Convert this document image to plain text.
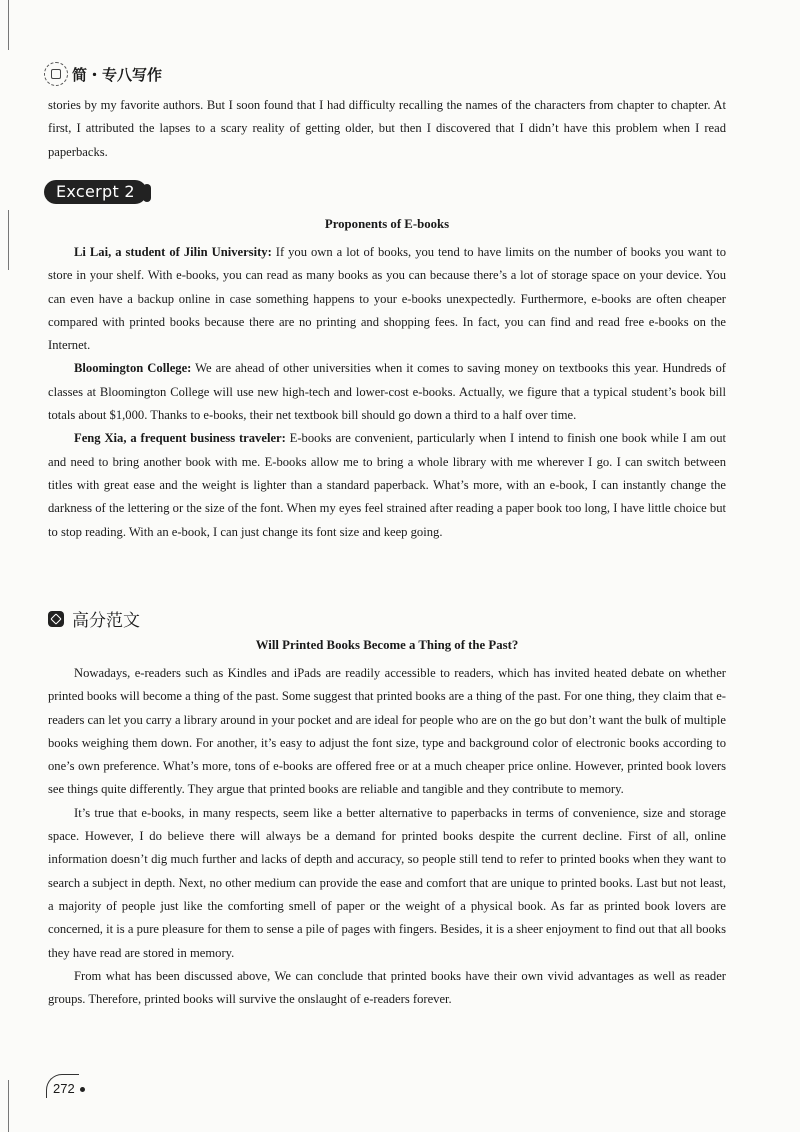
简・专八写作

stories by my favorite authors. But I soon found that I had difficulty recalling the names of the characters from chapter to chapter. At first, I attributed the lapses to a scary reality of getting older, but then I discovered that I didn’t have this problem when I read paperbacks.

Excerpt 2
Proponents of E-books

Li Lai, a student of Jilin University: If you own a lot of books, you tend to have limits on the number of books you want to store in your shelf. With e-books, you can read as many books as you can because there’s a lot of storage space on your device. You can even have a backup online in case something happens to your e-books unexpectedly. Furthermore, e-books are often cheaper compared with printed books because there are no printing and shopping fees. In fact, you can find and read free e-books on the Internet.

Bloomington College: We are ahead of other universities when it comes to saving money on textbooks this year. Hundreds of classes at Bloomington College will use new high-tech and lower-cost e-books. Actually, we figure that a typical student’s book bill totals about $1,000. Thanks to e-books, their net textbook bill should go down a third to a half over time.

Feng Xia, a frequent business traveler: E-books are convenient, particularly when I intend to finish one book while I am out and need to bring another book with me. E-books allow me to bring a whole library with me wherever I go. I can switch between titles with great ease and the weight is lighter than a standard paperback. What’s more, with an e-book, I can instantly change the darkness of the lettering or the size of the font. When my eyes feel strained after reading a paper book too long, I have little choice but to stop reading. With an e-book, I can just change its font size and keep going.

高分范文
Will Printed Books Become a Thing of the Past?

Nowadays, e-readers such as Kindles and iPads are readily accessible to readers, which has invited heated debate on whether printed books will become a thing of the past. Some suggest that printed books are a thing of the past. For one thing, they claim that e-readers can let you carry a library around in your pocket and are ideal for people who are on the go but don’t want the bulk of multiple books weighing them down. For another, it’s easy to adjust the font size, type and background color of electronic books according to one’s own preference. What’s more, tons of e-books are offered free or at a much cheaper price online. However, printed book lovers see things quite differently. They argue that printed books are reliable and tangible and they contribute to memory.

It’s true that e-books, in many respects, seem like a better alternative to paperbacks in terms of convenience, size and storage space. However, I do believe there will always be a demand for printed books despite the current decline. First of all, online information doesn’t dig much further and lacks of depth and accuracy, so people still tend to refer to printed books when they want to search a subject in depth. Next, no other medium can provide the ease and comfort that are unique to printed books. Last but not least, a majority of people just like the comforting smell of paper or the weight of a physical book. As far as printed book lovers are concerned, it is a pure pleasure for them to sense a pile of pages with fingers. Besides, it is a sheer enjoyment to find out that all books they have read are stored in memory.

From what has been discussed above, We can conclude that printed books have their own vivid advantages as well as reader groups. Therefore, printed books will survive the onslaught of e-readers forever.

272
